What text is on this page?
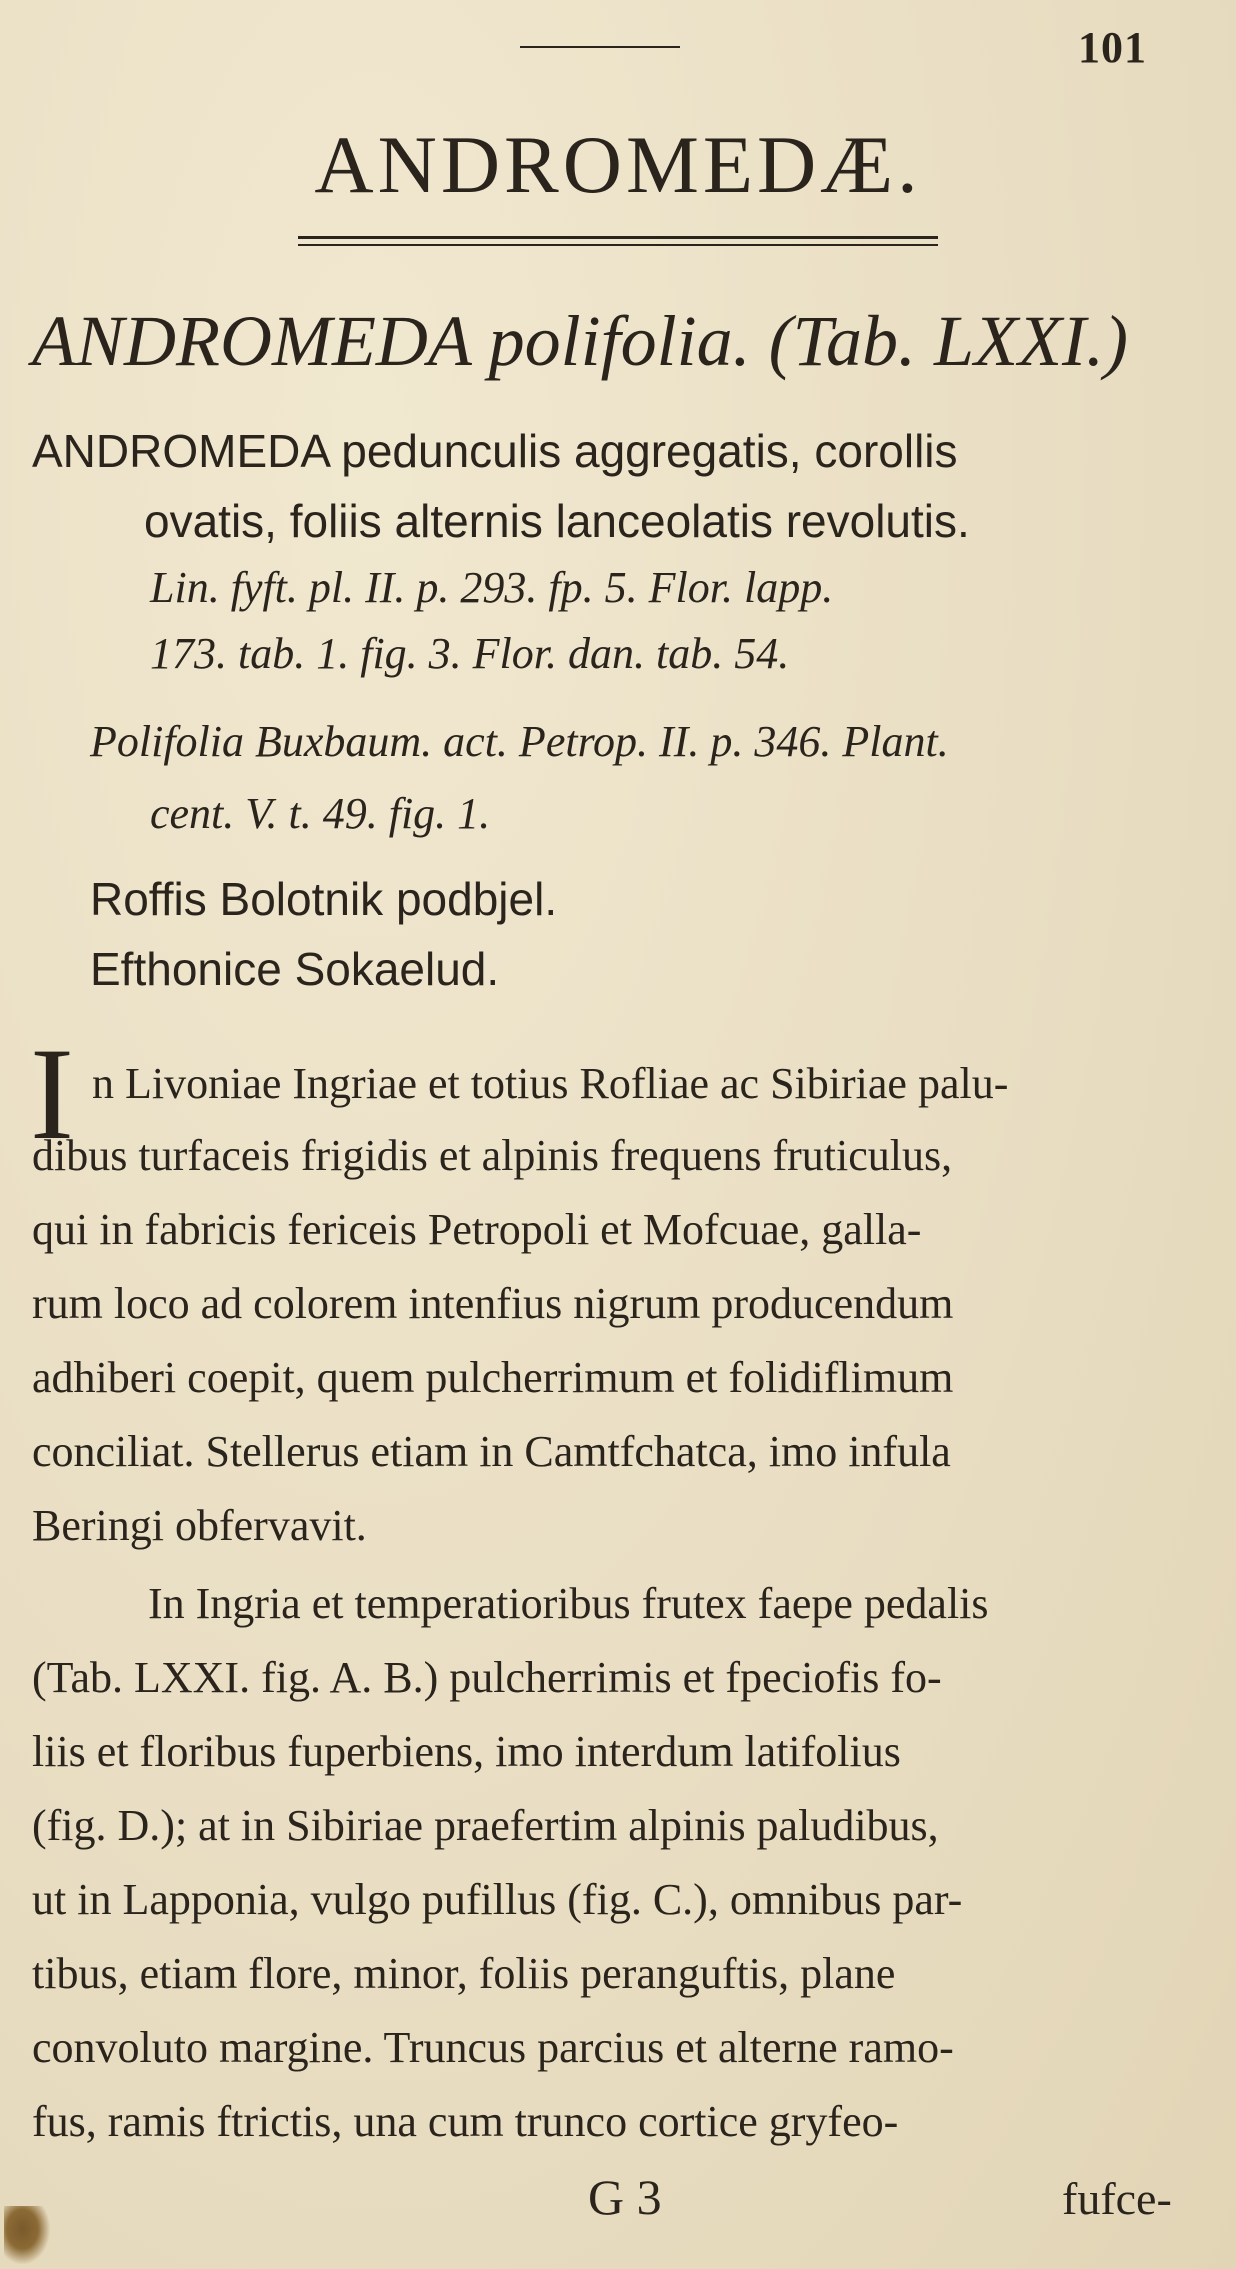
101
ANDROMEDÆ.
ANDROMEDA polifolia. (Tab. LXXI.)
ANDROMEDA pedunculis aggregatis, corollis
ovatis, foliis alternis lanceolatis revolutis.
Lin. fyft. pl. II. p. 293. fp. 5. Flor. lapp.
173. tab. 1. fig. 3. Flor. dan. tab. 54.
Polifolia Buxbaum. act. Petrop. II. p. 346. Plant.
cent. V. t. 49. fig. 1.
Roffis Bolotnik podbjel.
Efthonice Sokaelud.
I n Livoniae Ingriae et totius Rofliae ac Sibiriae palu-
dibus turfaceis frigidis et alpinis frequens fruticulus,
qui in fabricis fericeis Petropoli et Mofcuae, galla-
rum loco ad colorem intenfius nigrum producendum
adhiberi coepit, quem pulcherrimum et folidiflimum
conciliat. Stellerus etiam in Camtfchatca, imo infula
Beringi obfervavit.
In Ingria et temperatioribus frutex faepe pedalis
(Tab. LXXI. fig. A. B.) pulcherrimis et fpeciofis fo-
liis et floribus fuperbiens, imo interdum latifolius
(fig. D.); at in Sibiriae praefertim alpinis paludibus,
ut in Lapponia, vulgo pufillus (fig. C.), omnibus par-
tibus, etiam flore, minor, foliis peranguftis, plane
convoluto margine. Truncus parcius et alterne ramo-
fus, ramis ftrictis, una cum trunco cortice gryfeo-
G 3	fufce-
